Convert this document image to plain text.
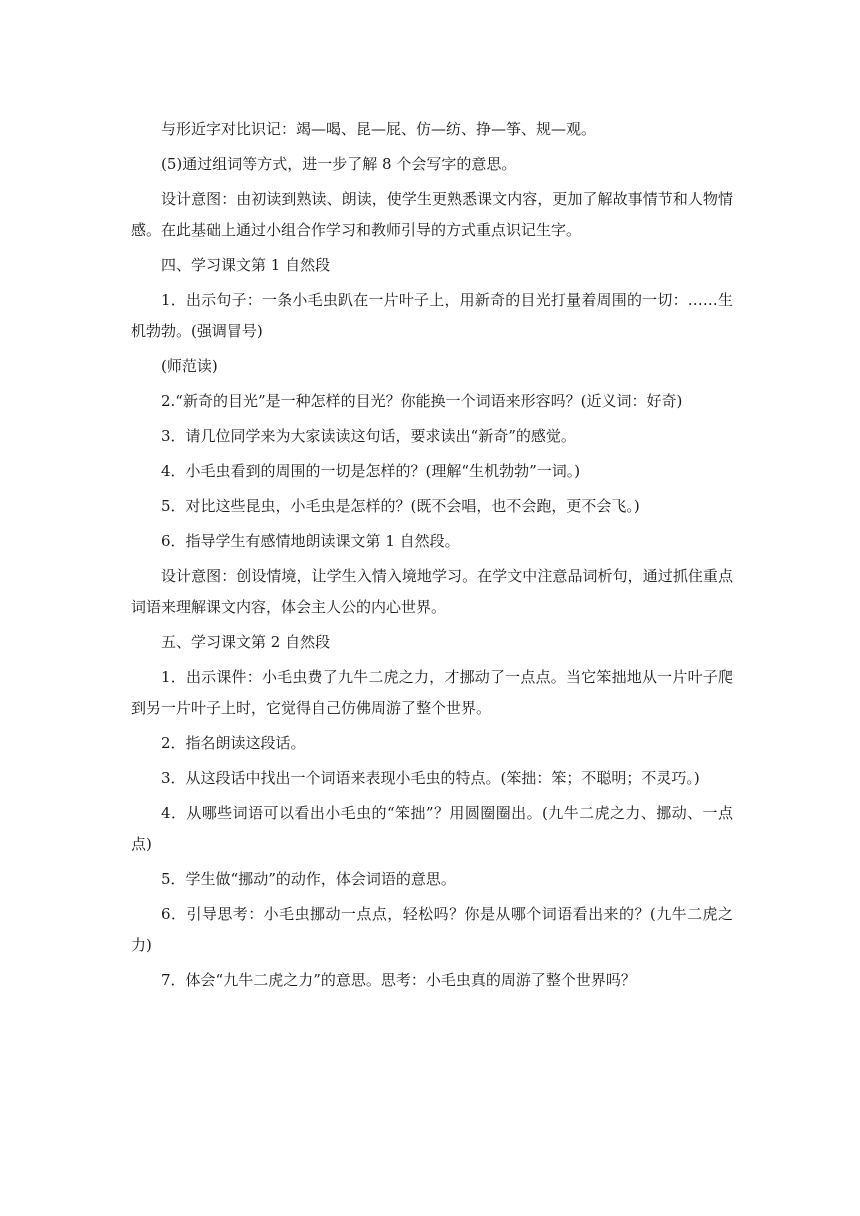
与形近字对比识记：竭—喝、昆—屁、仿—纺、挣—筝、规—观。

(5)通过组词等方式，进一步了解 8 个会写字的意思。

设计意图：由初读到熟读、朗读，使学生更熟悉课文内容，更加了解故事情节和人物情感。在此基础上通过小组合作学习和教师引导的方式重点识记生字。

四、学习课文第 1 自然段

1．出示句子：一条小毛虫趴在一片叶子上，用新奇的目光打量着周围的一切：……生机勃勃。(强调冒号)

(师范读)

2.“新奇的目光”是一种怎样的目光？你能换一个词语来形容吗？(近义词：好奇)

3．请几位同学来为大家读读这句话，要求读出“新奇”的感觉。

4．小毛虫看到的周围的一切是怎样的？(理解“生机勃勃”一词。)

5．对比这些昆虫，小毛虫是怎样的？(既不会唱，也不会跑，更不会飞。)

6．指导学生有感情地朗读课文第 1 自然段。

设计意图：创设情境，让学生入情入境地学习。在学文中注意品词析句，通过抓住重点词语来理解课文内容，体会主人公的内心世界。

五、学习课文第 2 自然段

1．出示课件：小毛虫费了九牛二虎之力，才挪动了一点点。当它笨拙地从一片叶子爬到另一片叶子上时，它觉得自己仿佛周游了整个世界。

2．指名朗读这段话。

3．从这段话中找出一个词语来表现小毛虫的特点。(笨拙：笨；不聪明；不灵巧。)

4．从哪些词语可以看出小毛虫的“笨拙”？用圆圈圈出。(九牛二虎之力、挪动、一点点)

5．学生做“挪动”的动作，体会词语的意思。

6．引导思考：小毛虫挪动一点点，轻松吗？你是从哪个词语看出来的？(九牛二虎之力)

7．体会“九牛二虎之力”的意思。思考：小毛虫真的周游了整个世界吗？
